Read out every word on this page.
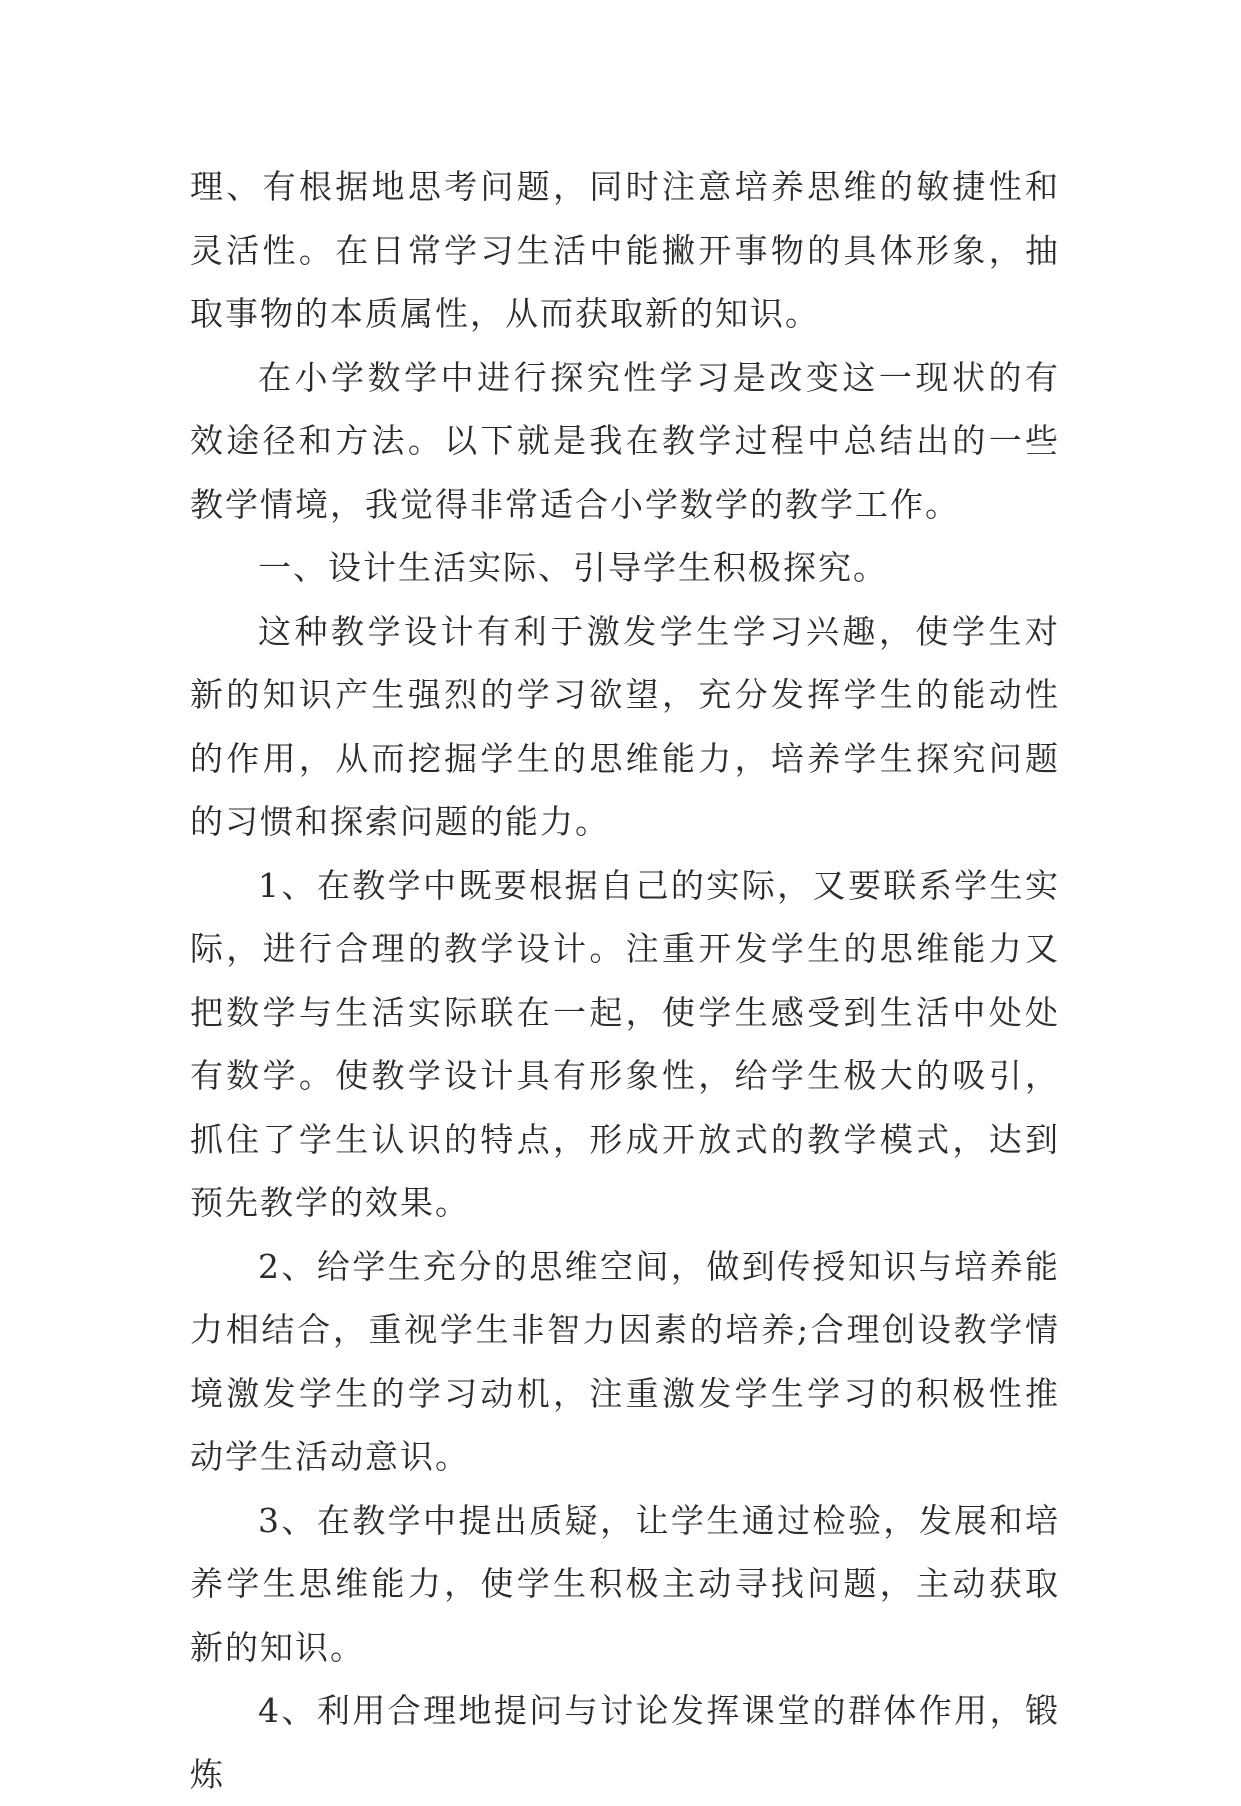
理、有根据地思考问题，同时注意培养思维的敏捷性和灵活性。在日常学习生活中能撇开事物的具体形象，抽取事物的本质属性，从而获取新的知识。

在小学数学中进行探究性学习是改变这一现状的有效途径和方法。以下就是我在教学过程中总结出的一些教学情境，我觉得非常适合小学数学的教学工作。

一、设计生活实际、引导学生积极探究。

这种教学设计有利于激发学生学习兴趣，使学生对新的知识产生强烈的学习欲望，充分发挥学生的能动性的作用，从而挖掘学生的思维能力，培养学生探究问题的习惯和探索问题的能力。

1、在教学中既要根据自己的实际，又要联系学生实际，进行合理的教学设计。注重开发学生的思维能力又把数学与生活实际联在一起，使学生感受到生活中处处有数学。使教学设计具有形象性，给学生极大的吸引，抓住了学生认识的特点，形成开放式的教学模式，达到预先教学的效果。

2、给学生充分的思维空间，做到传授知识与培养能力相结合，重视学生非智力因素的培养;合理创设教学情境激发学生的学习动机，注重激发学生学习的积极性推动学生活动意识。

3、在教学中提出质疑，让学生通过检验，发展和培养学生思维能力，使学生积极主动寻找问题，主动获取新的知识。

4、利用合理地提问与讨论发挥课堂的群体作用，锻炼
